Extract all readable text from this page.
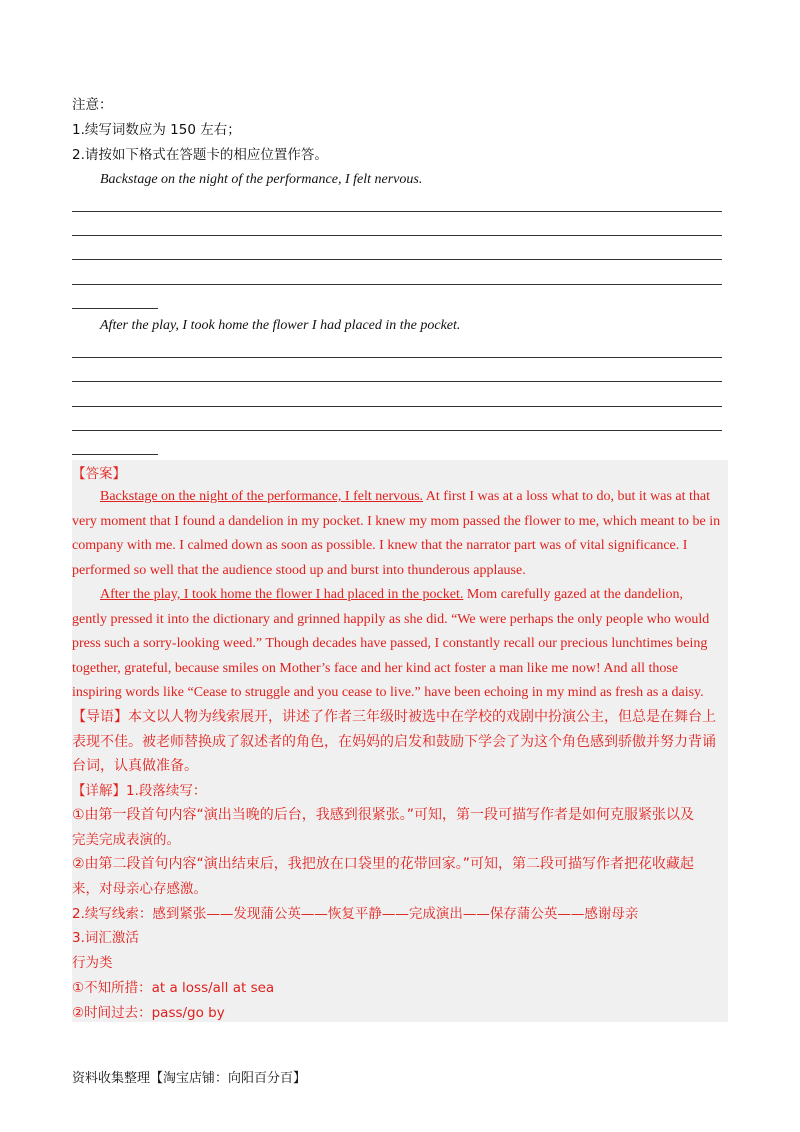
注意：
1.续写词数应为 150 左右；
2.请按如下格式在答题卡的相应位置作答。
Backstage on the night of the performance, I felt nervous.
After the play, I took home the flower I had placed in the pocket.
【答案】
Backstage on the night of the performance, I felt nervous. At first I was at a loss what to do, but it was at that
very moment that I found a dandelion in my pocket. I knew my mom passed the flower to me, which meant to be in
company with me. I calmed down as soon as possible. I knew that the narrator part was of vital significance. I
performed so well that the audience stood up and burst into thunderous applause.
After the play, I took home the flower I had placed in the pocket. Mom carefully gazed at the dandelion,
gently pressed it into the dictionary and grinned happily as she did. “We were perhaps the only people who would
press such a sorry-looking weed.” Though decades have passed, I constantly recall our precious lunchtimes being
together, grateful, because smiles on Mother’s face and her kind act foster a man like me now! And all those
inspiring words like “Cease to struggle and you cease to live.” have been echoing in my mind as fresh as a daisy.
【导语】本文以人物为线索展开，讲述了作者三年级时被选中在学校的戏剧中扮演公主，但总是在舞台上
表现不佳。被老师替换成了叙述者的角色，在妈妈的启发和鼓励下学会了为这个角色感到骄傲并努力背诵
台词，认真做准备。
【详解】1.段落续写：
①由第一段首句内容“演出当晚的后台，我感到很紧张。”可知，第一段可描写作者是如何克服紧张以及
完美完成表演的。
②由第二段首句内容“演出结束后，我把放在口袋里的花带回家。”可知，第二段可描写作者把花收藏起
来，对母亲心存感激。
2.续写线索：感到紧张——发现蒲公英——恢复平静——完成演出——保存蒲公英——感谢母亲
3.词汇激活
行为类
①不知所措：at a loss/all at sea
②时间过去：pass/go by
资料收集整理【淘宝店铺：向阳百分百】
